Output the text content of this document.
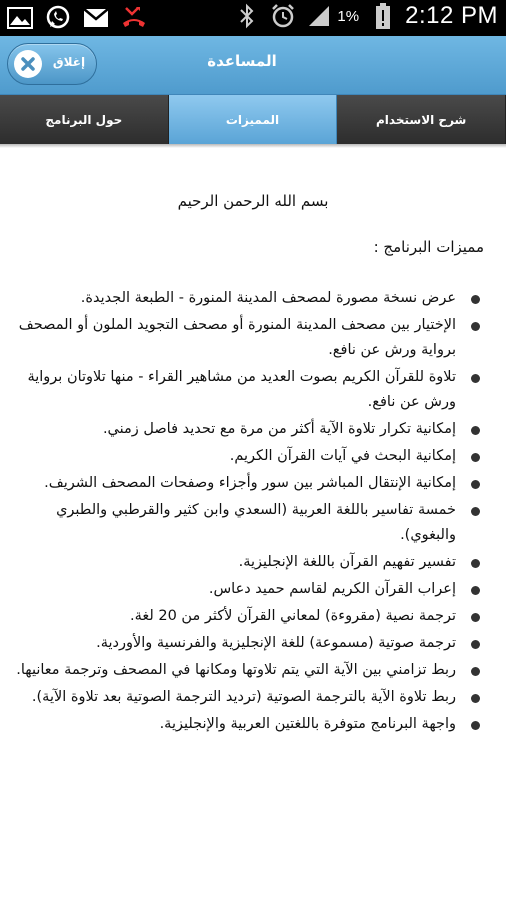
1% 2:12 PM
إغلاق	المساعدة
حول البرنامج	المميزات	شرح الاستخدام
بسم الله الرحمن الرحيم
مميزات البرنامج :
عرض نسخة مصورة لمصحف المدينة المنورة - الطبعة الجديدة.
الإختيار بين مصحف المدينة المنورة أو مصحف التجويد الملون أو المصحف برواية ورش عن نافع.
تلاوة للقرآن الكريم بصوت العديد من مشاهير القراء - منها تلاوتان برواية ورش عن نافع.
إمكانية تكرار تلاوة الآية أكثر من مرة مع تحديد فاصل زمني.
إمكانية البحث في آيات القرآن الكريم.
إمكانية الإنتقال المباشر بين سور وأجزاء وصفحات المصحف الشريف.
خمسة تفاسير باللغة العربية (السعدي وابن كثير والقرطبي والطبري والبغوي).
تفسير تفهيم القرآن باللغة الإنجليزية.
إعراب القرآن الكريم لقاسم حميد دعاس.
ترجمة نصية (مقروءة) لمعاني القرآن لأكثر من 20 لغة.
ترجمة صوتية (مسموعة) للغة الإنجليزية والفرنسية والأوردية.
ربط تزامني بين الآية التي يتم تلاوتها ومكانها في المصحف وترجمة معانيها.
ربط تلاوة الآية بالترجمة الصوتية (ترديد الترجمة الصوتية بعد تلاوة الآية).
واجهة البرنامج متوفرة باللغتين العربية والإنجليزية.
